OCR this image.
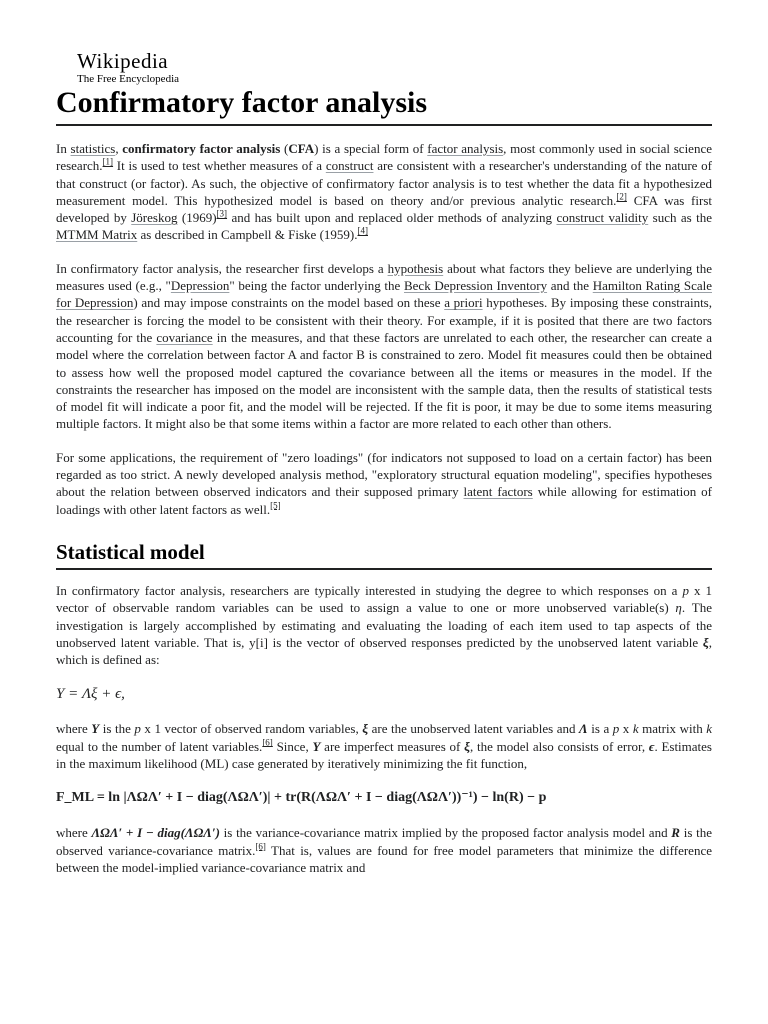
Wikipedia
The Free Encyclopedia
Confirmatory factor analysis

In statistics, confirmatory factor analysis (CFA) is a special form of factor analysis, most commonly used in social science research.[1] It is used to test whether measures of a construct are consistent with a researcher's understanding of the nature of that construct (or factor). As such, the objective of confirmatory factor analysis is to test whether the data fit a hypothesized measurement model. This hypothesized model is based on theory and/or previous analytic research.[2] CFA was first developed by Jöreskog (1969)[3] and has built upon and replaced older methods of analyzing construct validity such as the MTMM Matrix as described in Campbell & Fiske (1959).[4]

In confirmatory factor analysis, the researcher first develops a hypothesis about what factors they believe are underlying the measures used (e.g., "Depression" being the factor underlying the Beck Depression Inventory and the Hamilton Rating Scale for Depression) and may impose constraints on the model based on these a priori hypotheses. By imposing these constraints, the researcher is forcing the model to be consistent with their theory. For example, if it is posited that there are two factors accounting for the covariance in the measures, and that these factors are unrelated to each other, the researcher can create a model where the correlation between factor A and factor B is constrained to zero. Model fit measures could then be obtained to assess how well the proposed model captured the covariance between all the items or measures in the model. If the constraints the researcher has imposed on the model are inconsistent with the sample data, then the results of statistical tests of model fit will indicate a poor fit, and the model will be rejected. If the fit is poor, it may be due to some items measuring multiple factors. It might also be that some items within a factor are more related to each other than others.

For some applications, the requirement of "zero loadings" (for indicators not supposed to load on a certain factor) has been regarded as too strict. A newly developed analysis method, "exploratory structural equation modeling", specifies hypotheses about the relation between observed indicators and their supposed primary latent factors while allowing for estimation of loadings with other latent factors as well.[5]

Statistical model

In confirmatory factor analysis, researchers are typically interested in studying the degree to which responses on a p x 1 vector of observable random variables can be used to assign a value to one or more unobserved variable(s) η. The investigation is largely accomplished by estimating and evaluating the loading of each item used to tap aspects of the unobserved latent variable. That is, y[i] is the vector of observed responses predicted by the unobserved latent variable ξ, which is defined as:

Y = Λξ + ϵ,

where Y is the p x 1 vector of observed random variables, ξ are the unobserved latent variables and Λ is a p x k matrix with k equal to the number of latent variables.[6] Since, Y are imperfect measures of ξ, the model also consists of error, ϵ. Estimates in the maximum likelihood (ML) case generated by iteratively minimizing the fit function,

F_ML = ln |ΛΩΛ′ + I − diag(ΛΩΛ′)| + tr(R(ΛΩΛ′ + I − diag(ΛΩΛ′))⁻¹) − ln(R) − p

where ΛΩΛ′ + I − diag(ΛΩΛ′) is the variance-covariance matrix implied by the proposed factor analysis model and R is the observed variance-covariance matrix.[6] That is, values are found for free model parameters that minimize the difference between the model-implied variance-covariance matrix and
